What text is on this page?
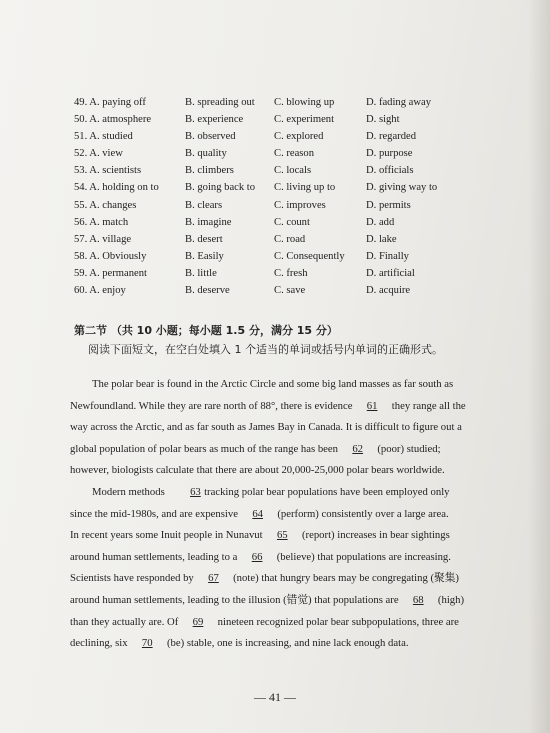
49. A. paying off	B. spreading out	C. blowing up	D. fading away
50. A. atmosphere	B. experience	C. experiment	D. sight
51. A. studied	B. observed	C. explored	D. regarded
52. A. view	B. quality	C. reason	D. purpose
53. A. scientists	B. climbers	C. locals	D. officials
54. A. holding on to	B. going back to	C. living up to	D. giving way to
55. A. changes	B. clears	C. improves	D. permits
56. A. match	B. imagine	C. count	D. add
57. A. village	B. desert	C. road	D. lake
58. A. Obviously	B. Easily	C. Consequently	D. Finally
59. A. permanent	B. little	C. fresh	D. artificial
60. A. enjoy	B. deserve	C. save	D. acquire
第二节 （共 10 小题；每小题 1.5 分，满分 15 分）
阅读下面短文，在空白处填入 1 个适当的单词或括号内单词的正确形式。

The polar bear is found in the Arctic Circle and some big land masses as far south as
Newfoundland. While they are rare north of 88°, there is evidence 61 they range all the
way across the Arctic, and as far south as James Bay in Canada. It is difficult to figure out a
global population of polar bears as much of the range has been 62 (poor) studied;
however, biologists calculate that there are about 20,000-25,000 polar bears worldwide.

Modern methods 63 tracking polar bear populations have been employed only
since the mid-1980s, and are expensive 64 (perform) consistently over a large area.
In recent years some Inuit people in Nunavut 65 (report) increases in bear sightings
around human settlements, leading to a 66 (believe) that populations are increasing.
Scientists have responded by 67 (note) that hungry bears may be congregating (聚集)
around human settlements, leading to the illusion (错觉) that populations are 68 (high)
than they actually are. Of 69 nineteen recognized polar bear subpopulations, three are
declining, six 70 (be) stable, one is increasing, and nine lack enough data.

— 41 —
